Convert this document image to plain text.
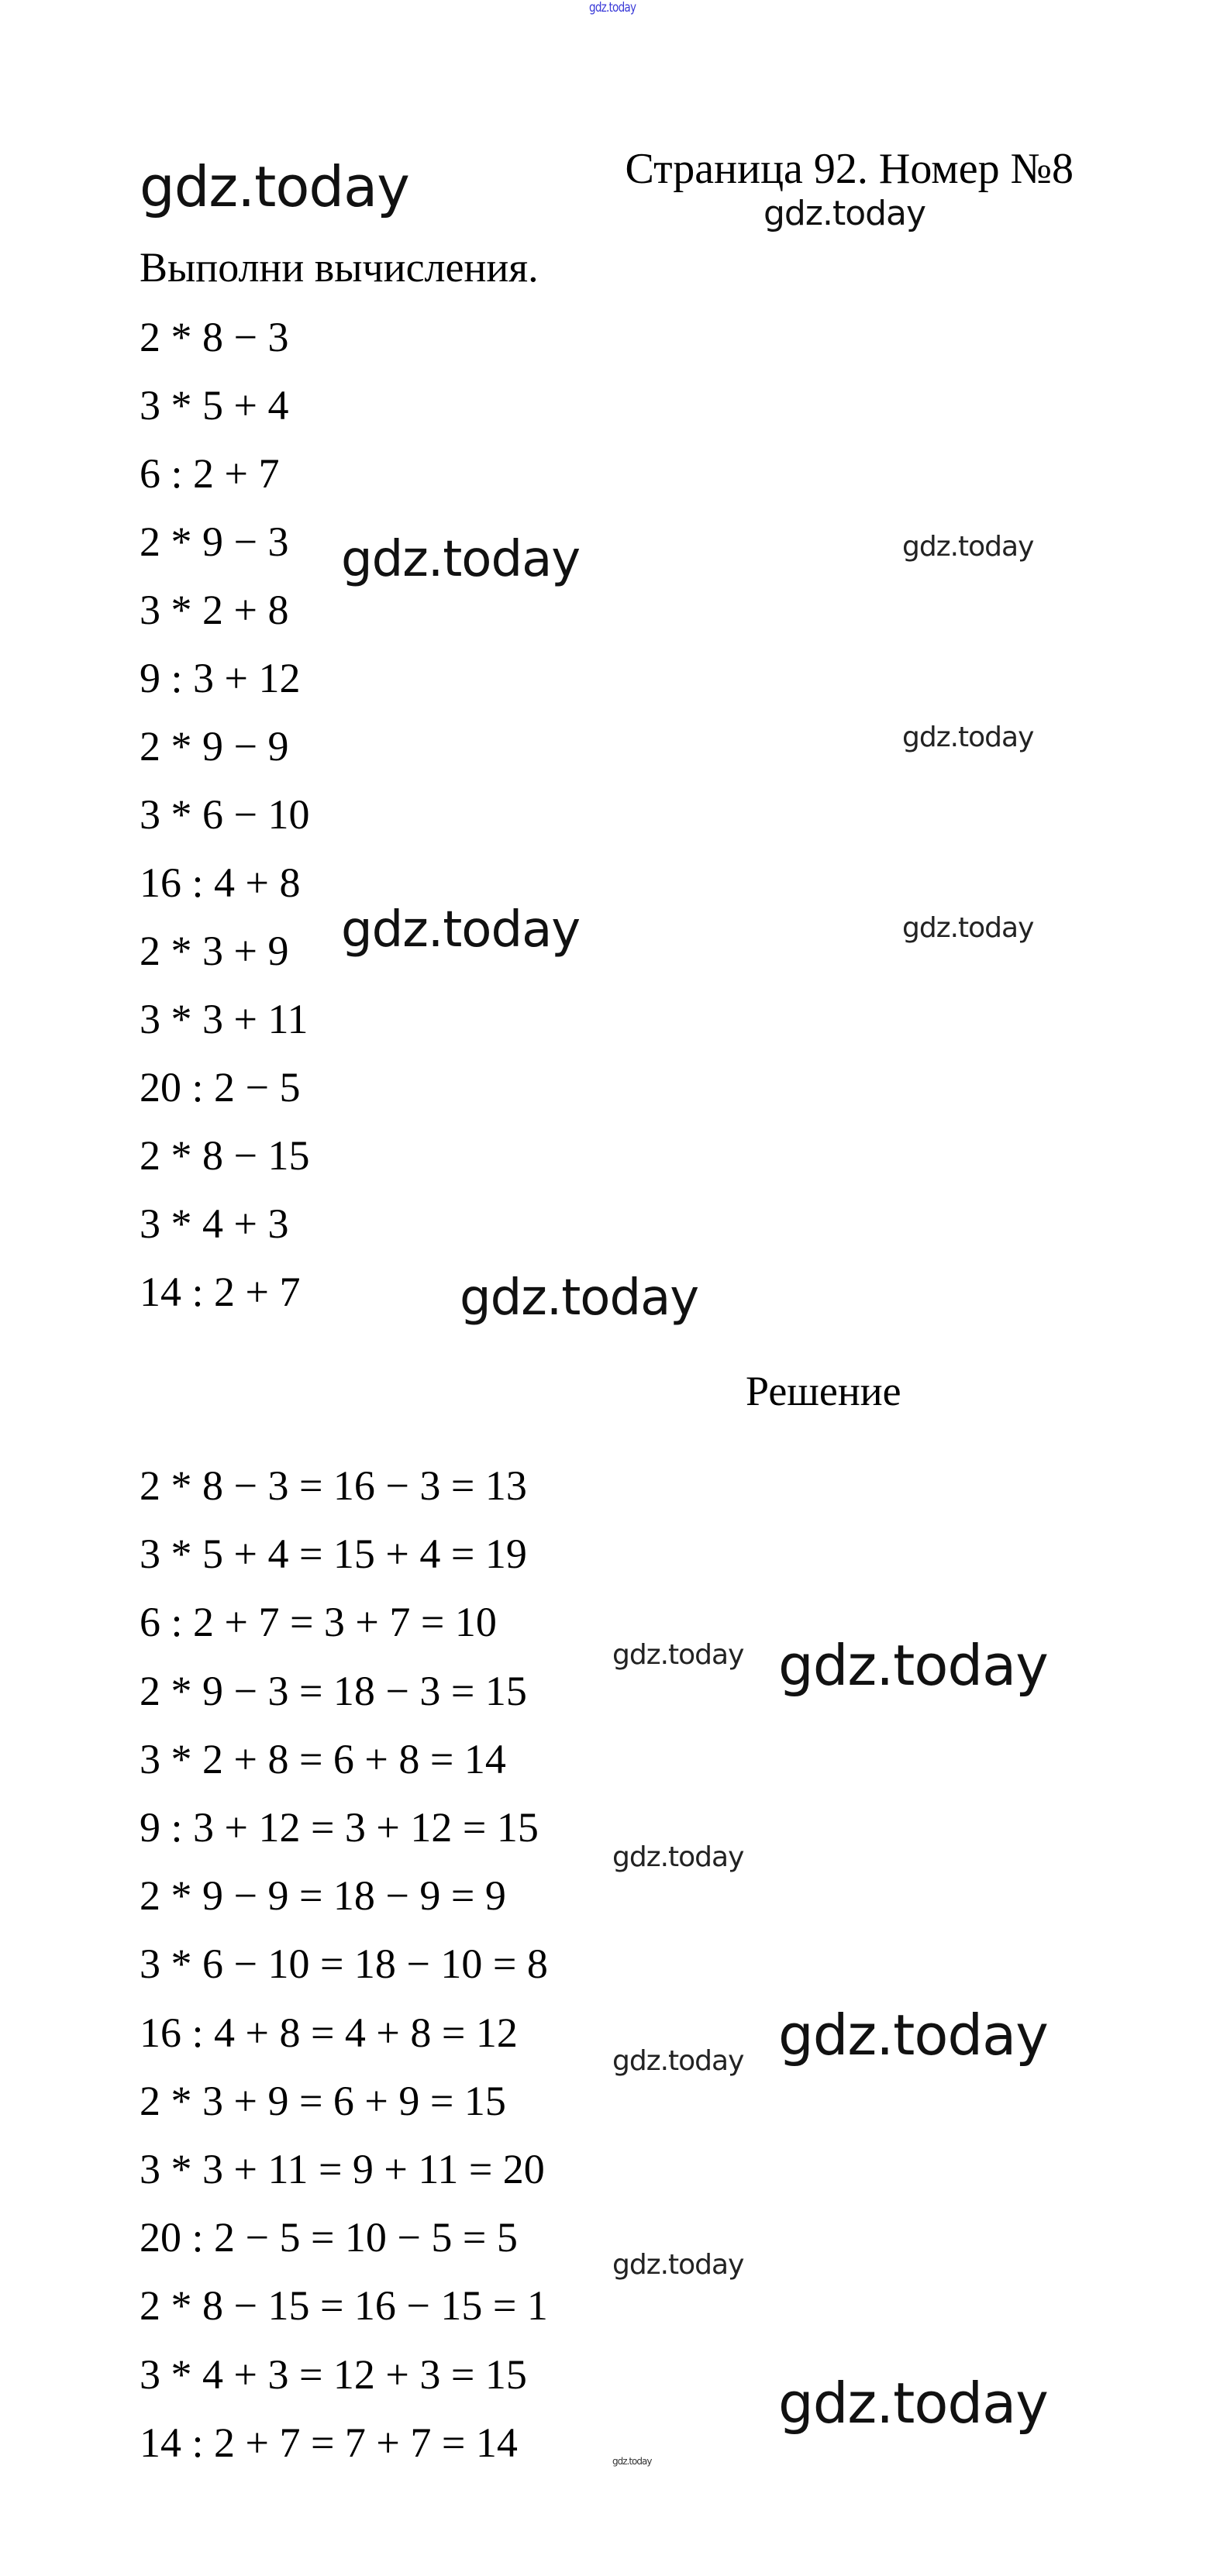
gdz.today
gdz.today	Страница 92. Номер №8
gdz.today
Выполни вычисления.
gdz.today	gdz.today
gdz.today
gdz.today	gdz.today
gdz.today
Решение
gdz.today
gdz.today
gdz.today
gdz.today
gdz.today
gdz.today
gdz.today
2 * 8 − 3
3 * 5 + 4
6 : 2 + 7
2 * 9 − 3
3 * 2 + 8
9 : 3 + 12
2 * 9 − 9
3 * 6 − 10
16 : 4 + 8
2 * 3 + 9
3 * 3 + 11
20 : 2 − 5
2 * 8 − 15
3 * 4 + 3
14 : 2 + 7
2 * 8 − 3 = 16 − 3 = 13
3 * 5 + 4 = 15 + 4 = 19
6 : 2 + 7 = 3 + 7 = 10
2 * 9 − 3 = 18 − 3 = 15
3 * 2 + 8 = 6 + 8 = 14
9 : 3 + 12 = 3 + 12 = 15
2 * 9 − 9 = 18 − 9 = 9
3 * 6 − 10 = 18 − 10 = 8
16 : 4 + 8 = 4 + 8 = 12
2 * 3 + 9 = 6 + 9 = 15
3 * 3 + 11 = 9 + 11 = 20
20 : 2 − 5 = 10 − 5 = 5
2 * 8 − 15 = 16 − 15 = 1
3 * 4 + 3 = 12 + 3 = 15
14 : 2 + 7 = 7 + 7 = 14	gdz.today
